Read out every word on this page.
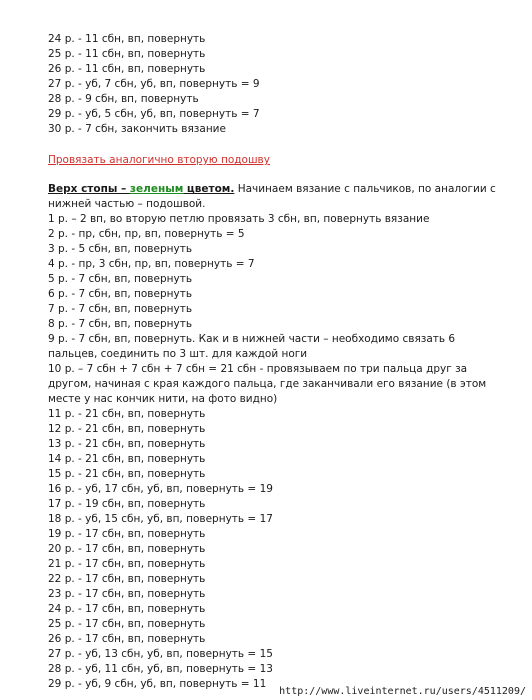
24 р. - 11 сбн, вп, повернуть
25 р. - 11 сбн, вп, повернуть
26 р. - 11 сбн, вп, повернуть
27 р. - уб, 7 сбн, уб, вп, повернуть = 9
28 р. - 9 сбн, вп, повернуть
29 р. - уб, 5 сбн, уб, вп, повернуть = 7
30 р. - 7 сбн, закончить вязание
Провязать аналогично вторую подошву
Верх стопы – зеленым цветом. Начинаем вязание с пальчиков, по аналогии с нижней частью – подошвой.
1 р. – 2 вп, во вторую петлю провязать 3 сбн, вп, повернуть вязание
2 р. - пр, сбн, пр, вп, повернуть = 5
3 р. - 5 сбн, вп, повернуть
4 р. - пр, 3 сбн, пр, вп, повернуть = 7
5 р. - 7 сбн, вп, повернуть
6 р. - 7 сбн, вп, повернуть
7 р. - 7 сбн, вп, повернуть
8 р. - 7 сбн, вп, повернуть
9 р. - 7 сбн, вп, повернуть. Как и в нижней части – необходимо связать 6 пальцев, соединить по 3 шт. для каждой ноги
10 р. – 7 сбн + 7 сбн + 7 сбн = 21 сбн - провязываем по три пальца друг за другом, начиная с края каждого пальца, где заканчивали его вязание (в этом месте у нас кончик нити, на фото видно)
11 р. - 21 сбн, вп, повернуть
12 р. - 21 сбн, вп, повернуть
13 р. - 21 сбн, вп, повернуть
14 р. - 21 сбн, вп, повернуть
15 р. - 21 сбн, вп, повернуть
16 р. - уб, 17 сбн, уб, вп, повернуть = 19
17 р. - 19 сбн, вп, повернуть
18 р. - уб, 15 сбн, уб, вп, повернуть = 17
19 р. - 17 сбн, вп, повернуть
20 р. - 17 сбн, вп, повернуть
21 р. - 17 сбн, вп, повернуть
22 р. - 17 сбн, вп, повернуть
23 р. - 17 сбн, вп, повернуть
24 р. - 17 сбн, вп, повернуть
25 р. - 17 сбн, вп, повернуть
26 р. - 17 сбн, вп, повернуть
27 р. - уб, 13 сбн, уб, вп, повернуть = 15
28 р. - уб, 11 сбн, уб, вп, повернуть = 13
29 р. - уб, 9 сбн, уб, вп, повернуть = 11
http://www.liveinternet.ru/users/4511209/
